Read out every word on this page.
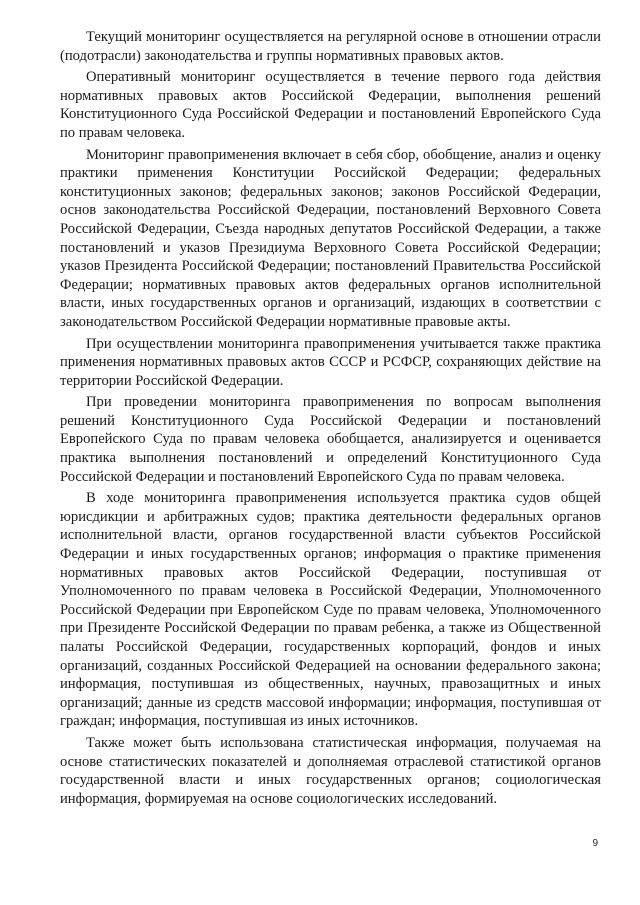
Текущий мониторинг осуществляется на регулярной основе в отношении отрасли (подотрасли) законодательства и группы нормативных правовых актов.

Оперативный мониторинг осуществляется в течение первого года действия нормативных правовых актов Российской Федерации, выполнения решений Конституционного Суда Российской Федерации и постановлений Европейского Суда по правам человека.

Мониторинг правоприменения включает в себя сбор, обобщение, анализ и оценку практики применения Конституции Российской Федерации; федеральных конституционных законов; федеральных законов; законов Российской Федерации, основ законодательства Российской Федерации, постановлений Верховного Совета Российской Федерации, Съезда народных депутатов Российской Федерации, а также постановлений и указов Президиума Верховного Совета Российской Федерации; указов Президента Российской Федерации; постановлений Правительства Российской Федерации; нормативных правовых актов федеральных органов исполнительной власти, иных государственных органов и организаций, издающих в соответствии с законодательством Российской Федерации нормативные правовые акты.

При осуществлении мониторинга правоприменения учитывается также практика применения нормативных правовых актов СССР и РСФСР, сохраняющих действие на территории Российской Федерации.

При проведении мониторинга правоприменения по вопросам выполнения решений Конституционного Суда Российской Федерации и постановлений Европейского Суда по правам человека обобщается, анализируется и оценивается практика выполнения постановлений и определений Конституционного Суда Российской Федерации и постановлений Европейского Суда по правам человека.

В ходе мониторинга правоприменения используется практика судов общей юрисдикции и арбитражных судов; практика деятельности федеральных органов исполнительной власти, органов государственной власти субъектов Российской Федерации и иных государственных органов; информация о практике применения нормативных правовых актов Российской Федерации, поступившая от Уполномоченного по правам человека в Российской Федерации, Уполномоченного Российской Федерации при Европейском Суде по правам человека, Уполномоченного при Президенте Российской Федерации по правам ребенка, а также из Общественной палаты Российской Федерации, государственных корпораций, фондов и иных организаций, созданных Российской Федерацией на основании федерального закона; информация, поступившая из общественных, научных, правозащитных и иных организаций; данные из средств массовой информации; информация, поступившая от граждан; информация, поступившая из иных источников.

Также может быть использована статистическая информация, получаемая на основе статистических показателей и дополняемая отраслевой статистикой органов государственной власти и иных государственных органов; социологическая информация, формируемая на основе социологических исследований.

9
